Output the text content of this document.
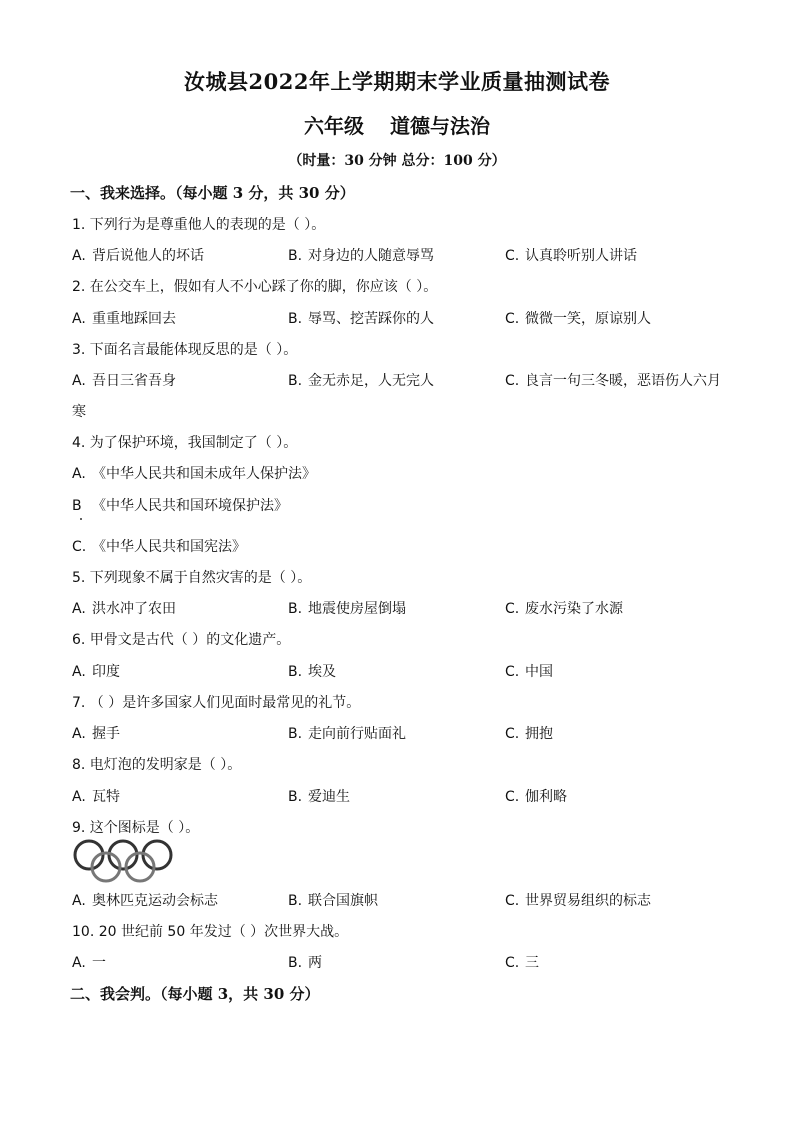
汝城县2022年上学期期末学业质量抽测试卷
六年级 道德与法治
（时量：30 分钟 总分：100 分）
一、我来选择。（每小题 3 分，共 30 分）
1. 下列行为是尊重他人的表现的是（ ）。
A. 背后说他人的坏话	B. 对身边的人随意辱骂	C. 认真聆听别人讲话
2. 在公交车上，假如有人不小心踩了你的脚，你应该（ ）。
A. 重重地踩回去	B. 辱骂、挖苦踩你的人	C. 微微一笑，原谅别人
3. 下面名言最能体现反思的是（ ）。
A. 吾日三省吾身	B. 金无赤足，人无完人	C. 良言一句三冬暖，恶语伤人六月
寒
4. 为了保护环境，我国制定了（ ）。
A. 《中华人民共和国未成年人保护法》
B 《中华人民共和国环境保护法》
C. 《中华人民共和国宪法》
5. 下列现象不属于自然灾害的是（ ）。
A. 洪水冲了农田	B. 地震使房屋倒塌	C. 废水污染了水源
6. 甲骨文是古代（ ）的文化遗产。
A. 印度	B. 埃及	C. 中国
7. （ ）是许多国家人们见面时最常见的礼节。
A. 握手	B. 走向前行贴面礼	C. 拥抱
8. 电灯泡的发明家是（ ）。
A. 瓦特	B. 爱迪生	C. 伽利略
9. 这个图标是（ ）。
A. 奥林匹克运动会标志	B. 联合国旗帜	C. 世界贸易组织的标志
10. 20 世纪前 50 年发过（ ）次世界大战。
A. 一	B. 两	C. 三
二、我会判。（每小题 3，共 30 分）
